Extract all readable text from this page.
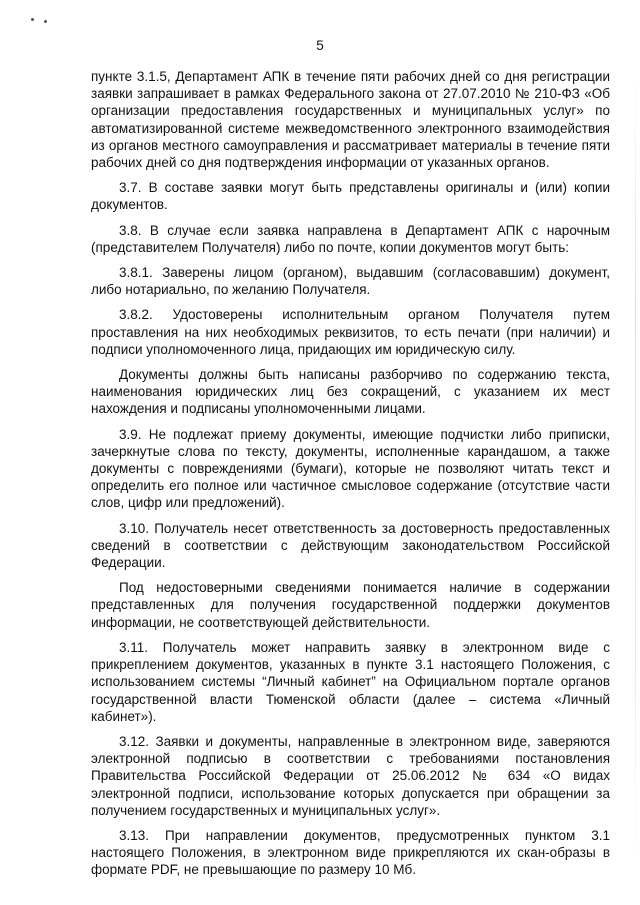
5

пункте 3.1.5, Департамент АПК в течение пяти рабочих дней со дня регистрации заявки запрашивает в рамках Федерального закона от 27.07.2010 № 210-ФЗ «Об организации предоставления государственных и муниципальных услуг» по автоматизированной системе межведомственного электронного взаимодействия из органов местного самоуправления и рассматривает материалы в течение пяти рабочих дней со дня подтверждения информации от указанных органов.

3.7. В составе заявки могут быть представлены оригиналы и (или) копии документов.

3.8. В случае если заявка направлена в Департамент АПК с нарочным (представителем Получателя) либо по почте, копии документов могут быть:

3.8.1. Заверены лицом (органом), выдавшим (согласовавшим) документ, либо нотариально, по желанию Получателя.

3.8.2. Удостоверены исполнительным органом Получателя путем проставления на них необходимых реквизитов, то есть печати (при наличии) и подписи уполномоченного лица, придающих им юридическую силу.

Документы должны быть написаны разборчиво по содержанию текста, наименования юридических лиц без сокращений, с указанием их мест нахождения и подписаны уполномоченными лицами.

3.9. Не подлежат приему документы, имеющие подчистки либо приписки, зачеркнутые слова по тексту, документы, исполненные карандашом, а также документы с повреждениями (бумаги), которые не позволяют читать текст и определить его полное или частичное смысловое содержание (отсутствие части слов, цифр или предложений).

3.10. Получатель несет ответственность за достоверность предоставленных сведений в соответствии с действующим законодательством Российской Федерации.

Под недостоверными сведениями понимается наличие в содержании представленных для получения государственной поддержки документов информации, не соответствующей действительности.

3.11. Получатель может направить заявку в электронном виде с прикреплением документов, указанных в пункте 3.1 настоящего Положения, с использованием системы “Личный кабинет” на Официальном портале органов государственной власти Тюменской области (далее – система «Личный кабинет»).

3.12. Заявки и документы, направленные в электронном виде, заверяются электронной подписью в соответствии с требованиями постановления Правительства Российской Федерации от 25.06.2012 № 634 «О видах электронной подписи, использование которых допускается при обращении за получением государственных и муниципальных услуг».

3.13. При направлении документов, предусмотренных пунктом 3.1 настоящего Положения, в электронном виде прикрепляются их скан-образы в формате PDF, не превышающие по размеру 10 Мб.
